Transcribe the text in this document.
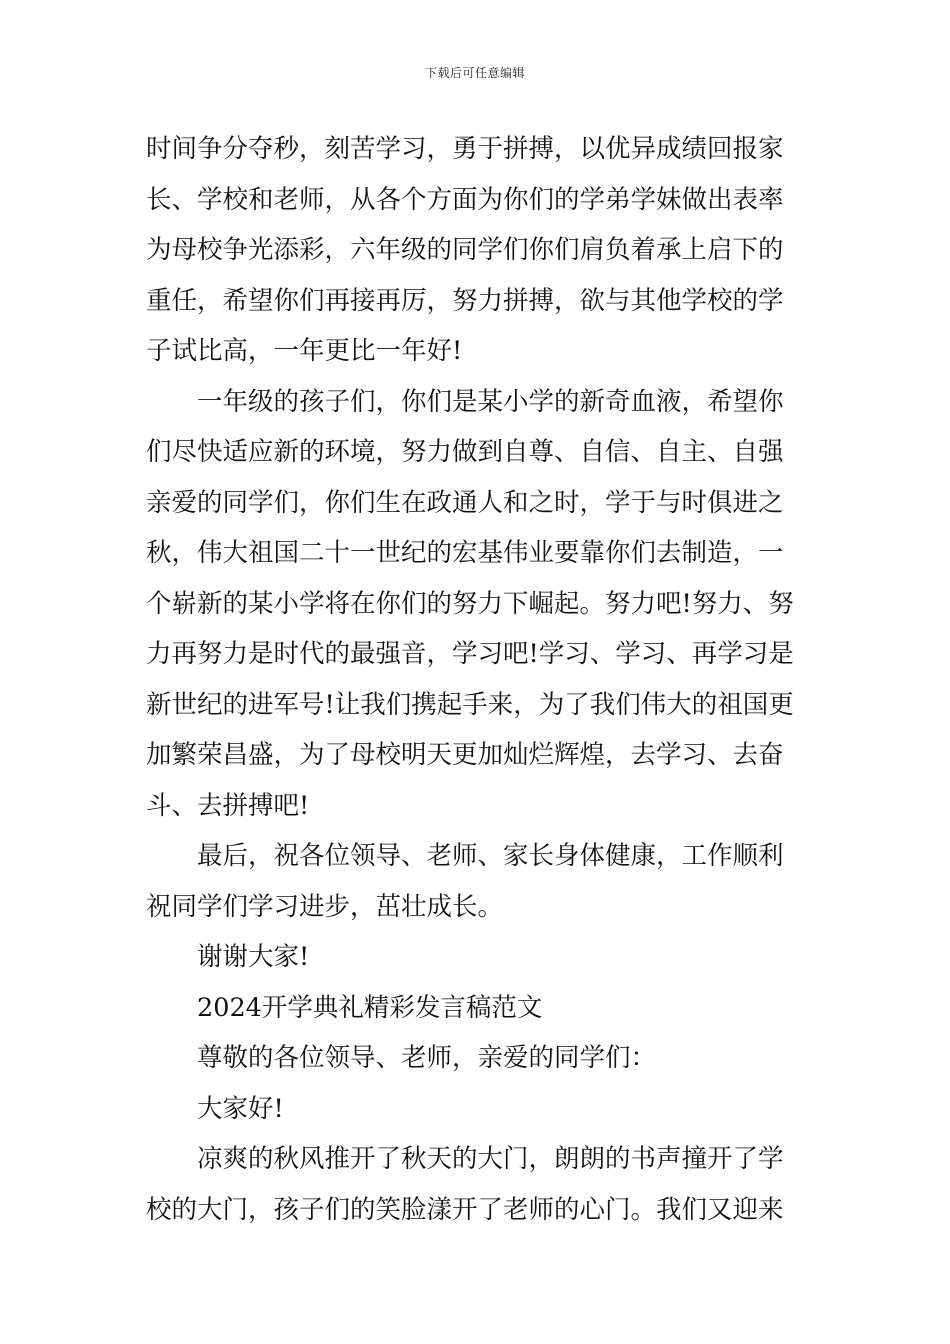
下载后可任意编辑
时间争分夺秒，刻苦学习，勇于拼搏，以优异成绩回报家
长、学校和老师，从各个方面为你们的学弟学妹做出表率
为母校争光添彩，六年级的同学们你们肩负着承上启下的
重任，希望你们再接再厉，努力拼搏，欲与其他学校的学
子试比高，一年更比一年好!
一年级的孩子们，你们是某小学的新奇血液，希望你
们尽快适应新的环境，努力做到自尊、自信、自主、自强
亲爱的同学们，你们生在政通人和之时，学于与时俱进之
秋，伟大祖国二十一世纪的宏基伟业要靠你们去制造，一
个崭新的某小学将在你们的努力下崛起。努力吧!努力、努
力再努力是时代的最强音，学习吧!学习、学习、再学习是
新世纪的进军号!让我们携起手来，为了我们伟大的祖国更
加繁荣昌盛，为了母校明天更加灿烂辉煌，去学习、去奋
斗、去拼搏吧!
最后，祝各位领导、老师、家长身体健康，工作顺利
祝同学们学习进步，茁壮成长。
谢谢大家!
2024开学典礼精彩发言稿范文
尊敬的各位领导、老师，亲爱的同学们：
大家好!
凉爽的秋风推开了秋天的大门，朗朗的书声撞开了学
校的大门，孩子们的笑脸漾开了老师的心门。我们又迎来
